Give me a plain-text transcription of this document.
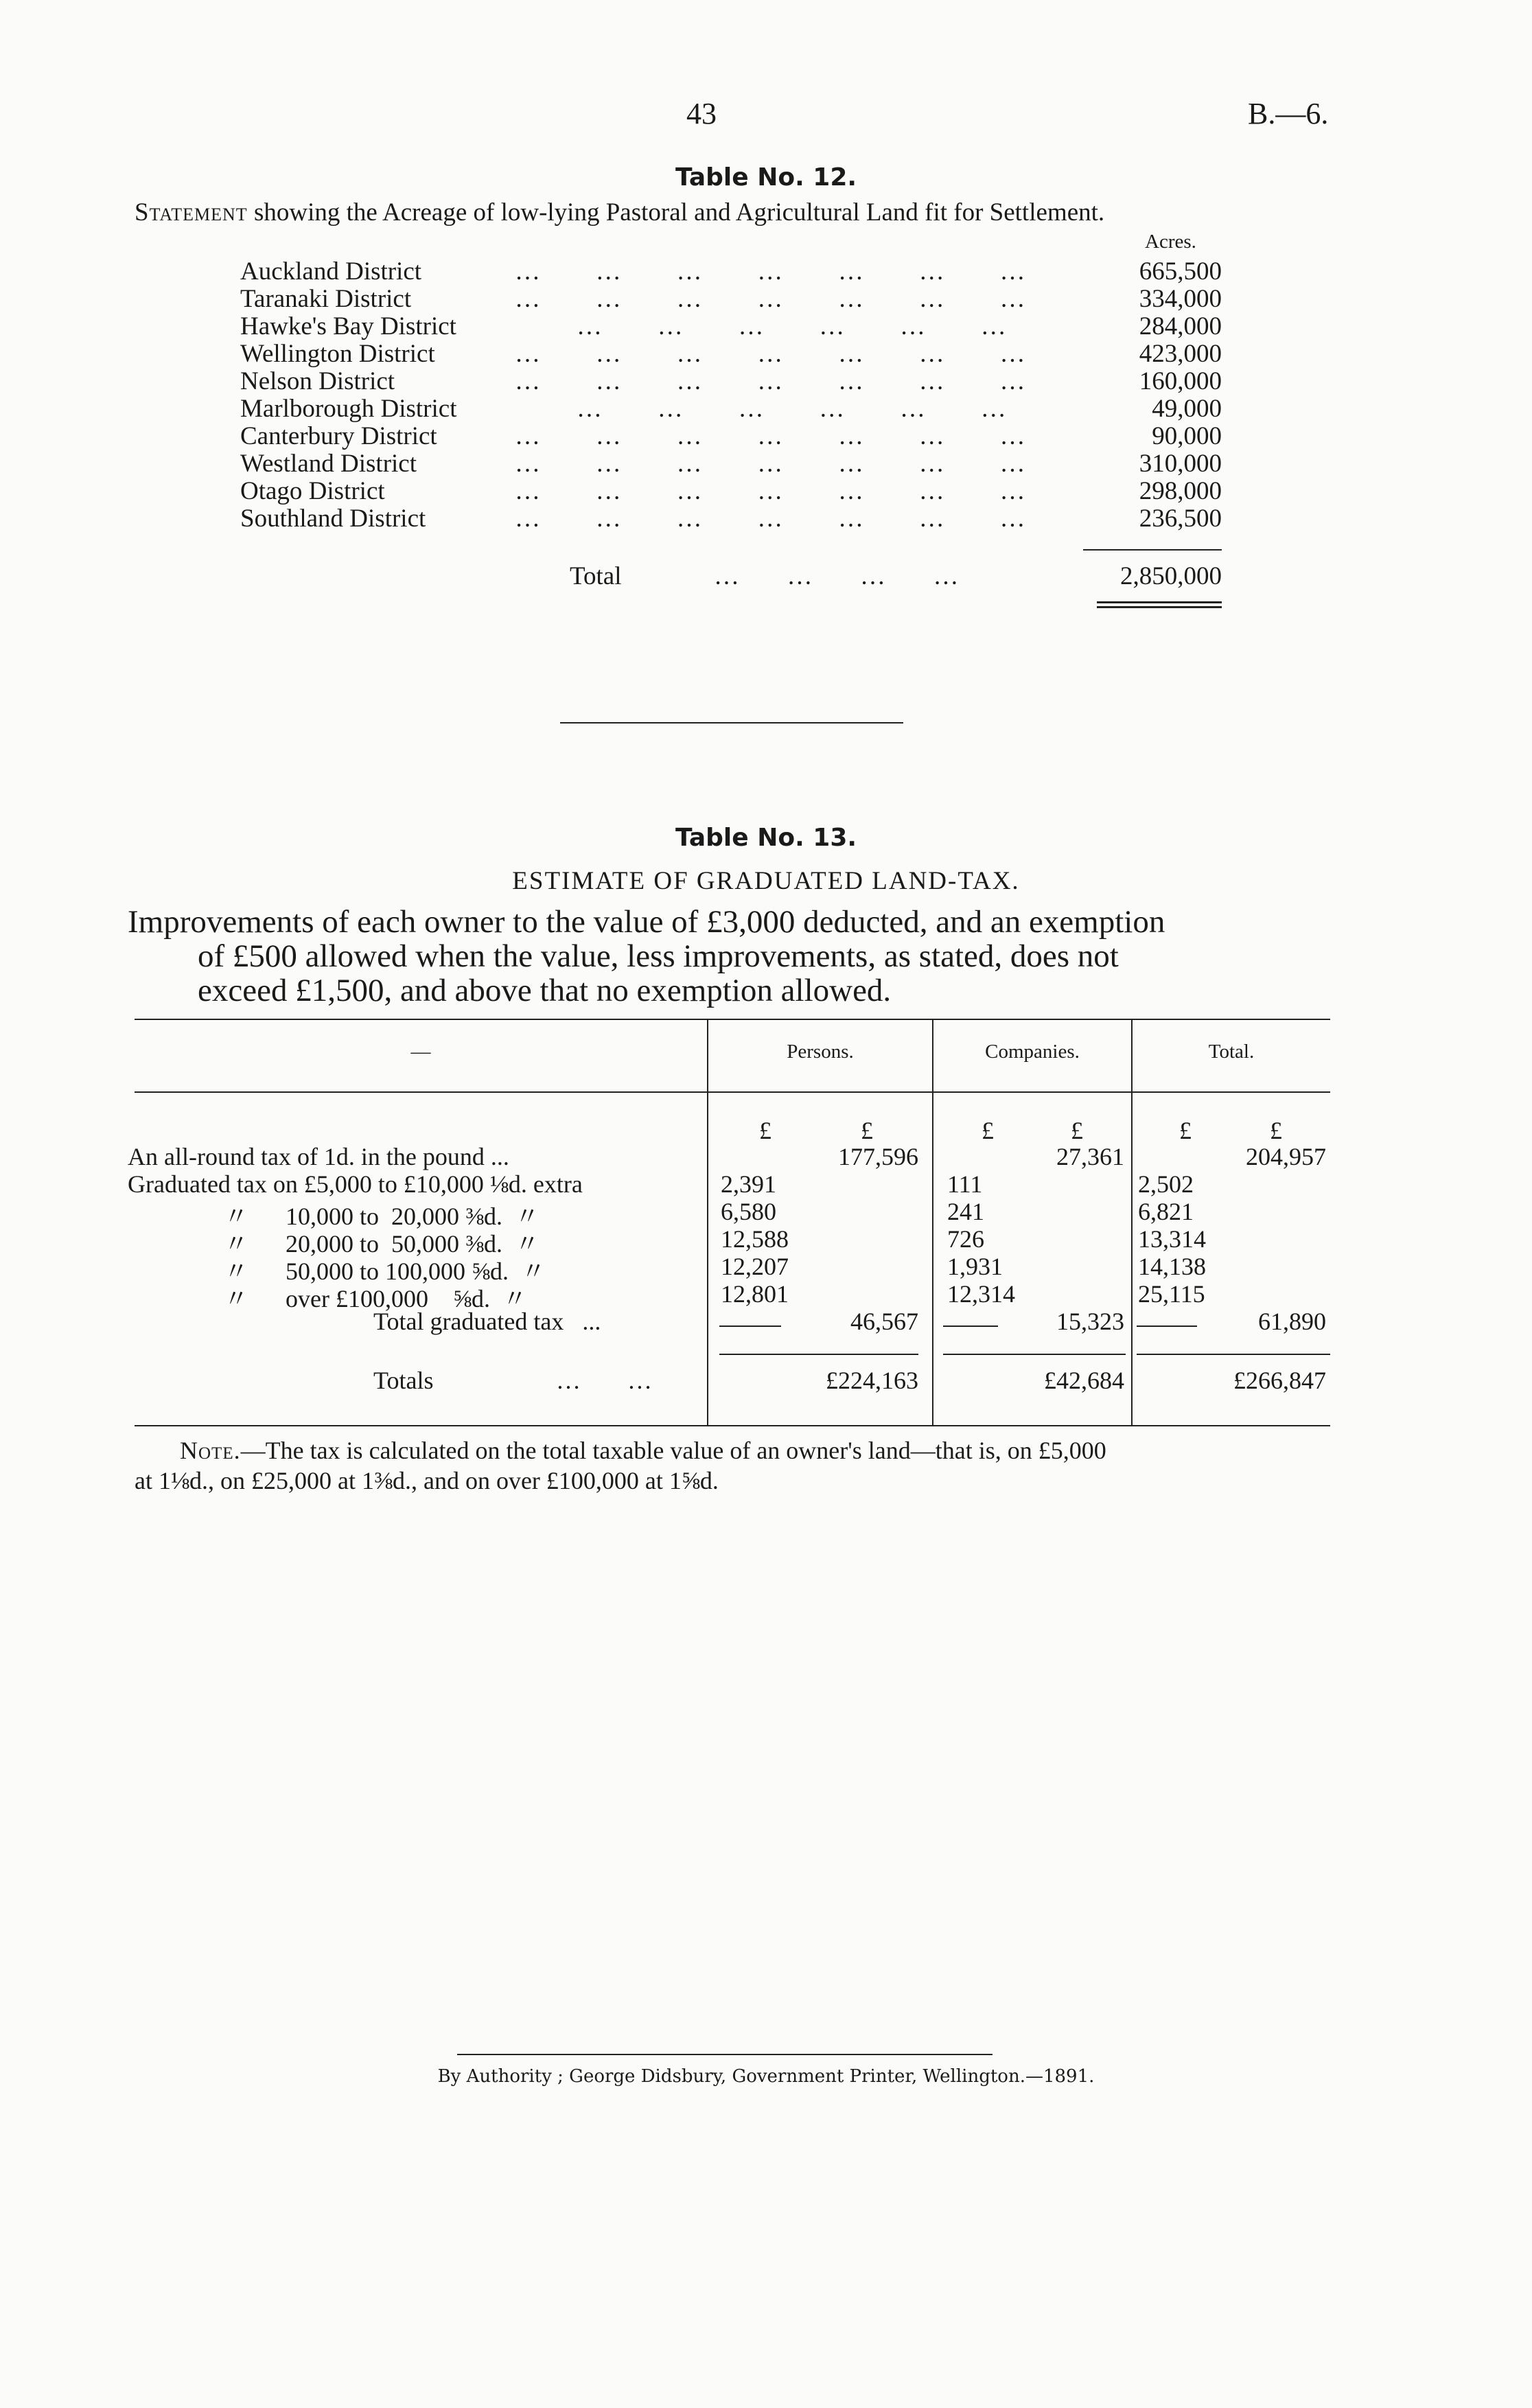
43	B.—6.
Table No. 12.
Statement showing the Acreage of low-lying Pastoral and Agricultural Land fit for Settlement.
Acres.
Auckland District	…       …       …       …       …       …       …	665,500
Taranaki District	…       …       …       …       …       …       …	334,000
Hawke's Bay District …       …       …       …       …       …	284,000
Wellington District	…       …       …       …       …       …       …	423,000
Nelson District	…       …       …       …       …       …       …	160,000
Marlborough District …       …       …       …       …       …	49,000
Canterbury District	…       …       …       …       …       …       …	90,000
Westland District	…       …       …       …       …       …       …	310,000
Otago District	…       …       …       …       …       …       …	298,000
Southland District	…       …       …       …       …       …       …	236,500
Total	…      …      …      …	2,850,000
Table No. 13.
ESTIMATE OF GRADUATED LAND-TAX.
Improvements of each owner to the value of £3,000 deducted, and an exemption
of £500 allowed when the value, less improvements, as stated, does not
exceed £1,500, and above that no exemption allowed.
—	Persons.	Companies.	Total.
£	£	£	£	£	£
An all-round tax of 1d. in the pound ...	177,596	27,361	204,957
Graduated tax on £5,000 to £10,000 ⅛d. extra	2,391	111	2,502
〃      10,000 to  20,000 ⅜d.  〃	6,580	241	6,821
〃      20,000 to  50,000 ⅜d.  〃	12,588	726	13,314
〃      50,000 to 100,000 ⅝d.  〃	12,207	1,931	14,138
〃      over £100,000    ⅝d.  〃	12,801	12,314	25,115
Total graduated tax   ...	46,567	15,323	61,890
Totals	…      …	£224,163	£42,684	£266,847
Note.—The tax is calculated on the total taxable value of an owner's land—that is, on £5,000
at 1⅛d., on £25,000 at 1⅜d., and on over £100,000 at 1⅝d.
By Authority ; George Didsbury, Government Printer, Wellington.—1891.
